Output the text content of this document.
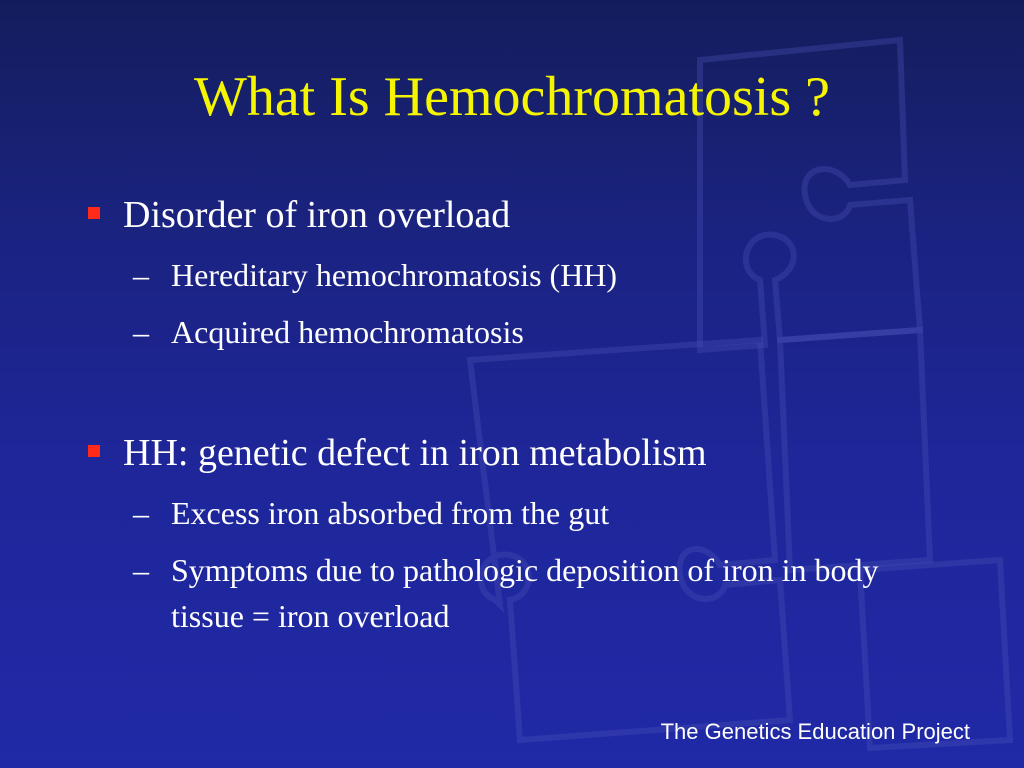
What Is Hemochromatosis ?
Disorder of iron overload
– Hereditary hemochromatosis (HH)
– Acquired hemochromatosis
HH: genetic defect in iron metabolism
– Excess iron absorbed from the gut
– Symptoms due to pathologic deposition of iron in body tissue = iron overload
The Genetics Education Project
